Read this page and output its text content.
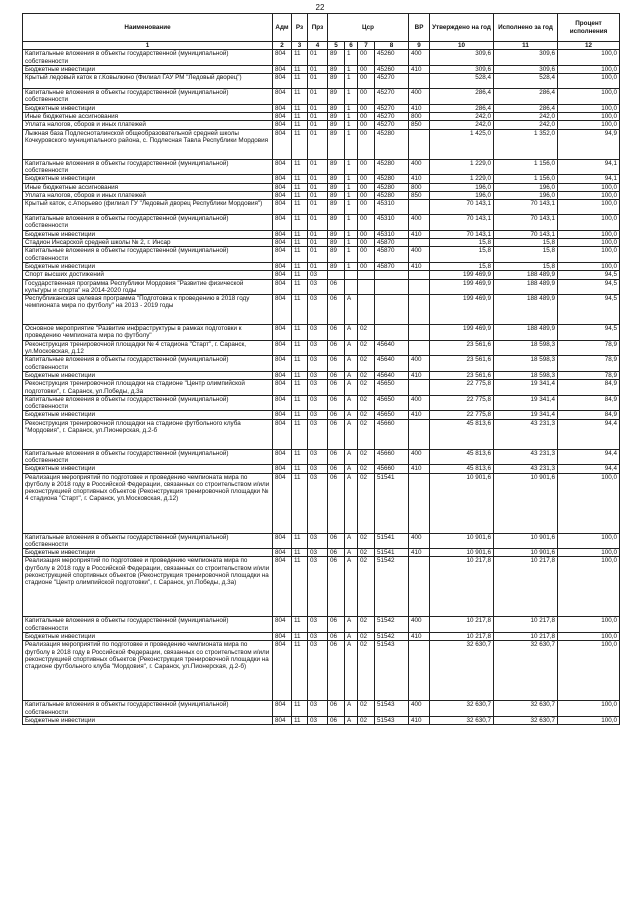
22
Наименование	Адм	Рз	Прз	Цср				ВР	Утверждено на год	Исполнено за год	Процент исполнения
1	2	3	4	5	6	7	8	9	10	11	12
Капитальные вложения в объекты государственной (муниципальной) собственности	804	11	01	89	1	00	45260	400	309,6	309,6	100,0
Бюджетные инвестиции	804	11	01	89	1	00	45260	410	309,6	309,6	100,0
Крытый ледовый каток в г.Ковылкино (Филиал ГАУ РМ "Ледовый дворец")	804	11	01	89	1	00	45270		528,4	528,4	100,0
Капитальные вложения в объекты государственной (муниципальной) собственности	804	11	01	89	1	00	45270	400	286,4	286,4	100,0
Бюджетные инвестиции	804	11	01	89	1	00	45270	410	286,4	286,4	100,0
Иные бюджетные ассигнования	804	11	01	89	1	00	45270	800	242,0	242,0	100,0
Уплата налогов, сборов и иных платежей	804	11	01	89	1	00	45270	850	242,0	242,0	100,0
Лыжная база Подлесноталинской общеобразовательной средней школы Кочкуровского муниципального района, с. Подлесная Тавла Республики Мордовия	804	11	01	89	1	00	45280		1 425,0	1 352,0	94,9
Капитальные вложения в объекты государственной (муниципальной) собственности	804	11	01	89	1	00	45280	400	1 229,0	1 156,0	94,1
Бюджетные инвестиции	804	11	01	89	1	00	45280	410	1 229,0	1 156,0	94,1
Иные бюджетные ассигнования	804	11	01	89	1	00	45280	800	196,0	196,0	100,0
Уплата налогов, сборов и иных платежей	804	11	01	89	1	00	45280	850	196,0	196,0	100,0
Крытый каток, с.Атюрьево (филиал ГУ "Ледовый дворец Республики Мордовия")	804	11	01	89	1	00	45310		70 143,1	70 143,1	100,0
Капитальные вложения в объекты государственной (муниципальной) собственности	804	11	01	89	1	00	45310	400	70 143,1	70 143,1	100,0
Бюджетные инвестиции	804	11	01	89	1	00	45310	410	70 143,1	70 143,1	100,0
Стадион Инсарской средней школы № 2, г. Инсар	804	11	01	89	1	00	45870		15,8	15,8	100,0
Капитальные вложения в объекты государственной (муниципальной) собственности	804	11	01	89	1	00	45870	400	15,8	15,8	100,0
Бюджетные инвестиции	804	11	01	89	1	00	45870	410	15,8	15,8	100,0
Спорт высших достижений	804	11	03						199 469,9	188 489,9	94,5
Государственная программа Республики Мордовия "Развитие физической культуры и спорта" на 2014-2020 годы	804	11	03	06					199 469,9	188 489,9	94,5
Республиканская целевая программа "Подготовка к проведению в 2018 году чемпионата мира по футболу" на 2013 - 2019 годы	804	11	03	06	А				199 469,9	188 489,9	94,5
Основное мероприятие "Развитие инфраструктуры в рамках подготовки к проведению чемпионата мира по футболу"	804	11	03	06	А	02			199 469,9	188 489,9	94,5
Реконструкция тренировочной площадки № 4 стадиона "Старт", г. Саранск, ул.Московская, д.12	804	11	03	06	А	02	45640		23 561,6	18 598,3	78,9
Капитальные вложения в объекты государственной (муниципальной) собственности	804	11	03	06	А	02	45640	400	23 561,6	18 598,3	78,9
Бюджетные инвестиции	804	11	03	06	А	02	45640	410	23 561,6	18 598,3	78,9
Реконструкция тренировочной площадки на стадионе "Центр олимпийской подготовки", г. Саранск, ул.Победы, д.3а	804	11	03	06	А	02	45650		22 775,8	19 341,4	84,9
Капитальные вложения в объекты государственной (муниципальной) собственности	804	11	03	06	А	02	45650	400	22 775,8	19 341,4	84,9
Бюджетные инвестиции	804	11	03	06	А	02	45650	410	22 775,8	19 341,4	84,9
Реконструкция тренировочной площадки на стадионе футбольного клуба "Мордовия", г. Саранск, ул.Пионерская, д.2-б	804	11	03	06	А	02	45660		45 813,6	43 231,3	94,4
Капитальные вложения в объекты государственной (муниципальной) собственности	804	11	03	06	А	02	45660	400	45 813,6	43 231,3	94,4
Бюджетные инвестиции	804	11	03	06	А	02	45660	410	45 813,6	43 231,3	94,4
Реализация мероприятий по подготовке и проведению чемпионата мира по футболу в 2018 году в Российской Федерации, связанных со строительством и/или реконструкцией спортивных объектов (Реконструкция тренировочной площадки № 4 стадиона "Старт", г. Саранск, ул.Московская, д.12)	804	11	03	06	А	02	51541		10 901,6	10 901,6	100,0
Капитальные вложения в объекты государственной (муниципальной) собственности	804	11	03	06	А	02	51541	400	10 901,6	10 901,6	100,0
Бюджетные инвестиции	804	11	03	06	А	02	51541	410	10 901,6	10 901,6	100,0
Реализация мероприятий по подготовке и проведению чемпионата мира по футболу в 2018 году в Российской Федерации, связанных со строительством и/или реконструкцией спортивных объектов (Реконструкция тренировочной площадки на стадионе "Центр олимпийской подготовки", г. Саранск, ул.Победы, д.3а)	804	11	03	06	А	02	51542		10 217,8	10 217,8	100,0
Капитальные вложения в объекты государственной (муниципальной) собственности	804	11	03	06	А	02	51542	400	10 217,8	10 217,8	100,0
Бюджетные инвестиции	804	11	03	06	А	02	51542	410	10 217,8	10 217,8	100,0
Реализация мероприятий по подготовке и проведению чемпионата мира по футболу в 2018 году в Российской Федерации, связанных со строительством и/или реконструкцией спортивных объектов (Реконструкция тренировочной площадки на стадионе футбольного клуба "Мордовия", г. Саранск, ул.Пионерская, д.2-б)	804	11	03	06	А	02	51543		32 630,7	32 630,7	100,0
Капитальные вложения в объекты государственной (муниципальной) собственности	804	11	03	06	А	02	51543	400	32 630,7	32 630,7	100,0
Бюджетные инвестиции	804	11	03	06	А	02	51543	410	32 630,7	32 630,7	100,0
